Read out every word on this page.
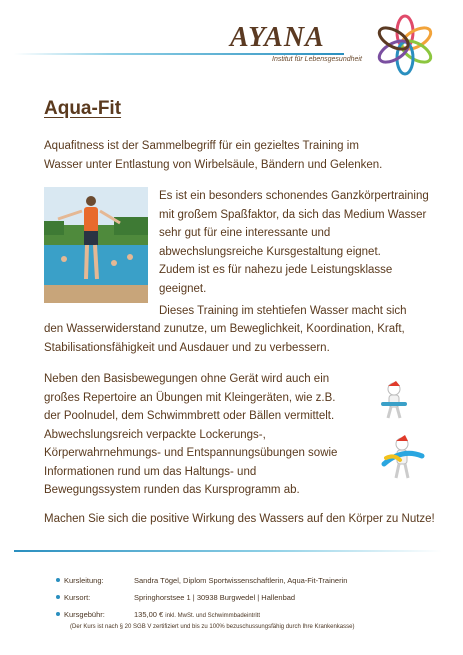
AYANA
Institut für Lebensgesundheit
Aqua-Fit
Aquafitness ist der Sammelbegriff für ein gezieltes Training im
Wasser unter Entlastung von Wirbelsäule, Bändern und Gelenken.
Es ist ein besonders schonendes Ganzkörpertraining
mit großem Spaßfaktor, da sich das Medium Wasser
sehr gut für eine interessante und
abwechslungsreiche Kursgestaltung eignet.
Zudem ist es für nahezu jede Leistungsklasse
geeignet.
Dieses Training im stehtiefen Wasser macht sich
den Wasserwiderstand zunutze, um Beweglichkeit, Koordination, Kraft,
Stabilisationsfähigkeit und Ausdauer und zu verbessern.
Neben den Basisbewegungen ohne Gerät wird auch ein
großes Repertoire an Übungen mit Kleingeräten, wie z.B.
der Poolnudel, dem Schwimmbrett oder Bällen vermittelt.
Abwechslungsreich verpackte Lockerungs-,
Körperwahrnehmungs- und Entspannungsübungen sowie
Informationen rund um das Haltungs- und
Bewegungssystem runden das Kursprogramm ab.
Machen Sie sich die positive Wirkung des Wassers auf den Körper zu Nutze!
Kursleitung:	Sandra Tögel, Diplom Sportwissenschaftlerin, Aqua-Fit-Trainerin
Kursort:	Springhorstsee 1 | 30938 Burgwedel | Hallenbad
Kursgebühr:	135,00 € inkl. MwSt. und Schwimmbadeintritt
(Der Kurs ist nach § 20 SGB V zertifiziert und bis zu 100% bezuschussungsfähig durch Ihre Krankenkasse)
